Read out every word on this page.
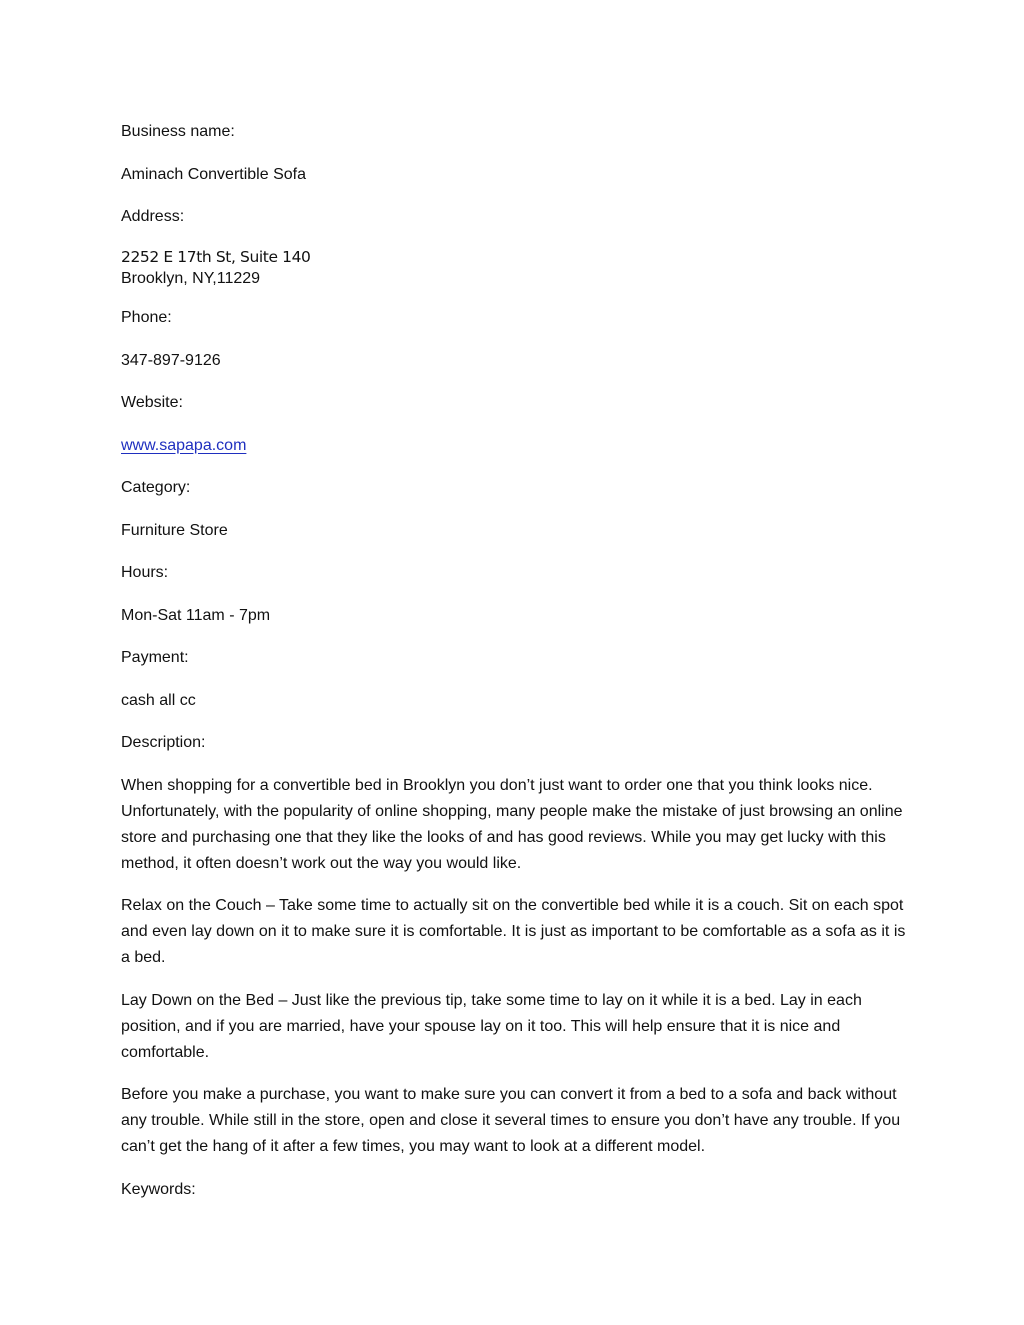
Business name:

Aminach Convertible Sofa

Address:

2252 E 17th St, Suite 140
Brooklyn, NY,11229

Phone:

347-897-9126

Website:

www.sapapa.com

Category:

Furniture Store

Hours:

Mon-Sat 11am - 7pm

Payment:

cash all cc

Description:

When shopping for a convertible bed in Brooklyn you don’t just want to order one that you think looks nice. Unfortunately, with the popularity of online shopping, many people make the mistake of just browsing an online store and purchasing one that they like the looks of and has good reviews. While you may get lucky with this method, it often doesn’t work out the way you would like.

Relax on the Couch – Take some time to actually sit on the convertible bed while it is a couch. Sit on each spot and even lay down on it to make sure it is comfortable. It is just as important to be comfortable as a sofa as it is a bed.

Lay Down on the Bed – Just like the previous tip, take some time to lay on it while it is a bed. Lay in each position, and if you are married, have your spouse lay on it too. This will help ensure that it is nice and comfortable.

Before you make a purchase, you want to make sure you can convert it from a bed to a sofa and back without any trouble. While still in the store, open and close it several times to ensure you don’t have any trouble. If you can’t get the hang of it after a few times, you may want to look at a different model.

Keywords:
